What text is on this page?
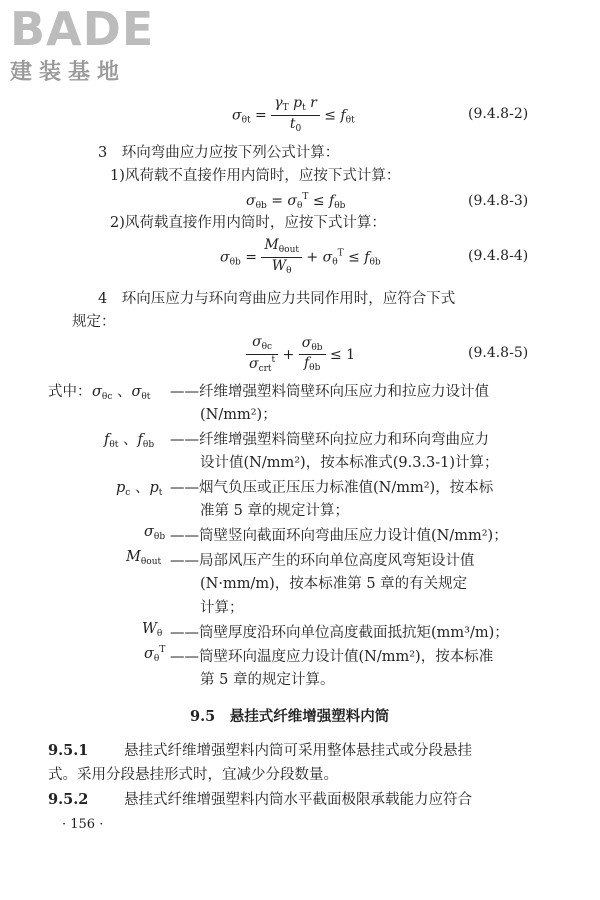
BADE
建装基地
$\sigma_{\theta t} = \frac{\gamma_T p_t r}{t_0} \le f_{\theta t}$	(9.4.8-2)
3　环向弯曲应力应按下列公式计算：
1)风荷载不直接作用内筒时，应按下式计算：
$\sigma_{\theta b} = \sigma_\theta^T \le f_{\theta b}$	(9.4.8-3)
2)风荷载直接作用内筒时，应按下式计算：
$\sigma_{\theta b} = \frac{M_{\theta out}}{W_\theta} + \sigma_\theta^T \le f_{\theta b}$	(9.4.8-4)
4　环向压应力与环向弯曲应力共同作用时，应符合下式
规定：
$\frac{\sigma_{\theta c}}{\sigma_{crt}^t} + \frac{\sigma_{\theta b}}{f_{\theta b}} \le 1$	(9.4.8-5)
式中： $\sigma_{\theta c}$ 、$\sigma_{\theta t}$ ——纤维增强塑料筒壁环向压应力和拉应力设计值
(N/mm²)；
$f_{\theta t}$ 、$f_{\theta b}$ ——纤维增强塑料筒壁环向拉应力和环向弯曲应力
设计值(N/mm²)，按本标准式(9.3.3-1)计算；
$p_c$ 、$p_t$ ——烟气负压或正压压力标准值(N/mm²)，按本标
准第 5 章的规定计算；
$\sigma_{\theta b}$ ——筒壁竖向截面环向弯曲压应力设计值(N/mm²)；
$M_{\theta out}$ ——局部风压产生的环向单位高度风弯矩设计值
(N·mm/m)，按本标准第 5 章的有关规定
计算；
$W_\theta$ ——筒壁厚度沿环向单位高度截面抵抗矩(mm³/m)；
$\sigma_\theta^T$ ——筒壁环向温度应力设计值(N/mm²)，按本标准
第 5 章的规定计算。
9.5　悬挂式纤维增强塑料内筒
9.5.1 悬挂式纤维增强塑料内筒可采用整体悬挂式或分段悬挂
式。采用分段悬挂形式时，宜减少分段数量。
9.5.2 悬挂式纤维增强塑料内筒水平截面极限承载能力应符合
· 156 ·
